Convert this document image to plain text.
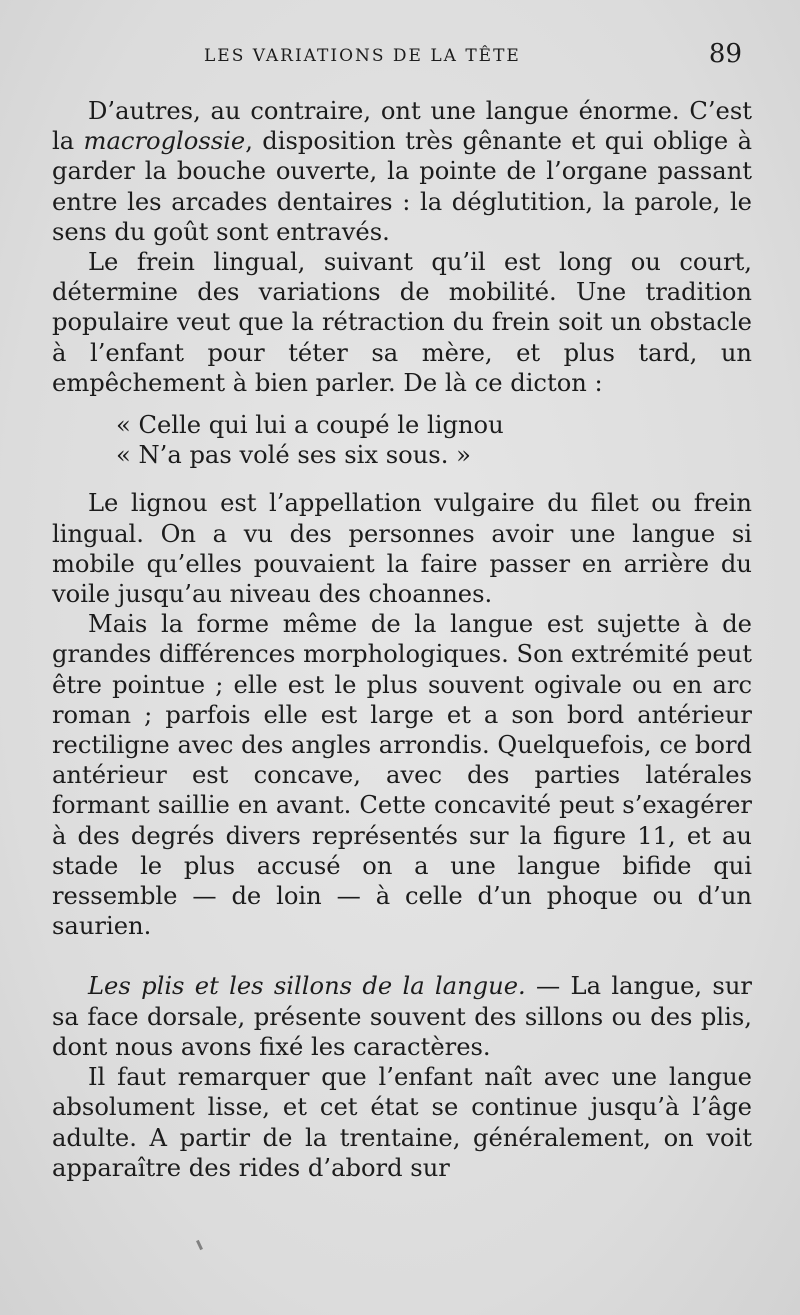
LES VARIATIONS DE LA TÊTE	89

D’autres, au contraire, ont une langue énorme. C’est la macroglossie, disposition très gênante et qui oblige à garder la bouche ouverte, la pointe de l’organe passant entre les arcades dentaires : la déglutition, la parole, le sens du goût sont entravés.

Le frein lingual, suivant qu’il est long ou court, détermine des variations de mobilité. Une tradition populaire veut que la rétraction du frein soit un obstacle à l’enfant pour téter sa mère, et plus tard, un empêchement à bien parler. De là ce dicton :

« Celle qui lui a coupé le lignou

« N’a pas volé ses six sous. »

Le lignou est l’appellation vulgaire du filet ou frein lingual. On a vu des personnes avoir une langue si mobile qu’elles pouvaient la faire passer en arrière du voile jusqu’au niveau des choannes.

Mais la forme même de la langue est sujette à de grandes différences morphologiques. Son extrémité peut être pointue ; elle est le plus souvent ogivale ou en arc roman ; parfois elle est large et a son bord antérieur rectiligne avec des angles arrondis. Quelquefois, ce bord antérieur est concave, avec des parties latérales formant saillie en avant. Cette concavité peut s’exagérer à des degrés divers représentés sur la figure 11, et au stade le plus accusé on a une langue bifide qui ressemble — de loin — à celle d’un phoque ou d’un saurien.

Les plis et les sillons de la langue. — La langue, sur sa face dorsale, présente souvent des sillons ou des plis, dont nous avons fixé les caractères.

Il faut remarquer que l’enfant naît avec une langue absolument lisse, et cet état se continue jusqu’à l’âge adulte. A partir de la trentaine, généralement, on voit apparaître des rides d’abord sur
